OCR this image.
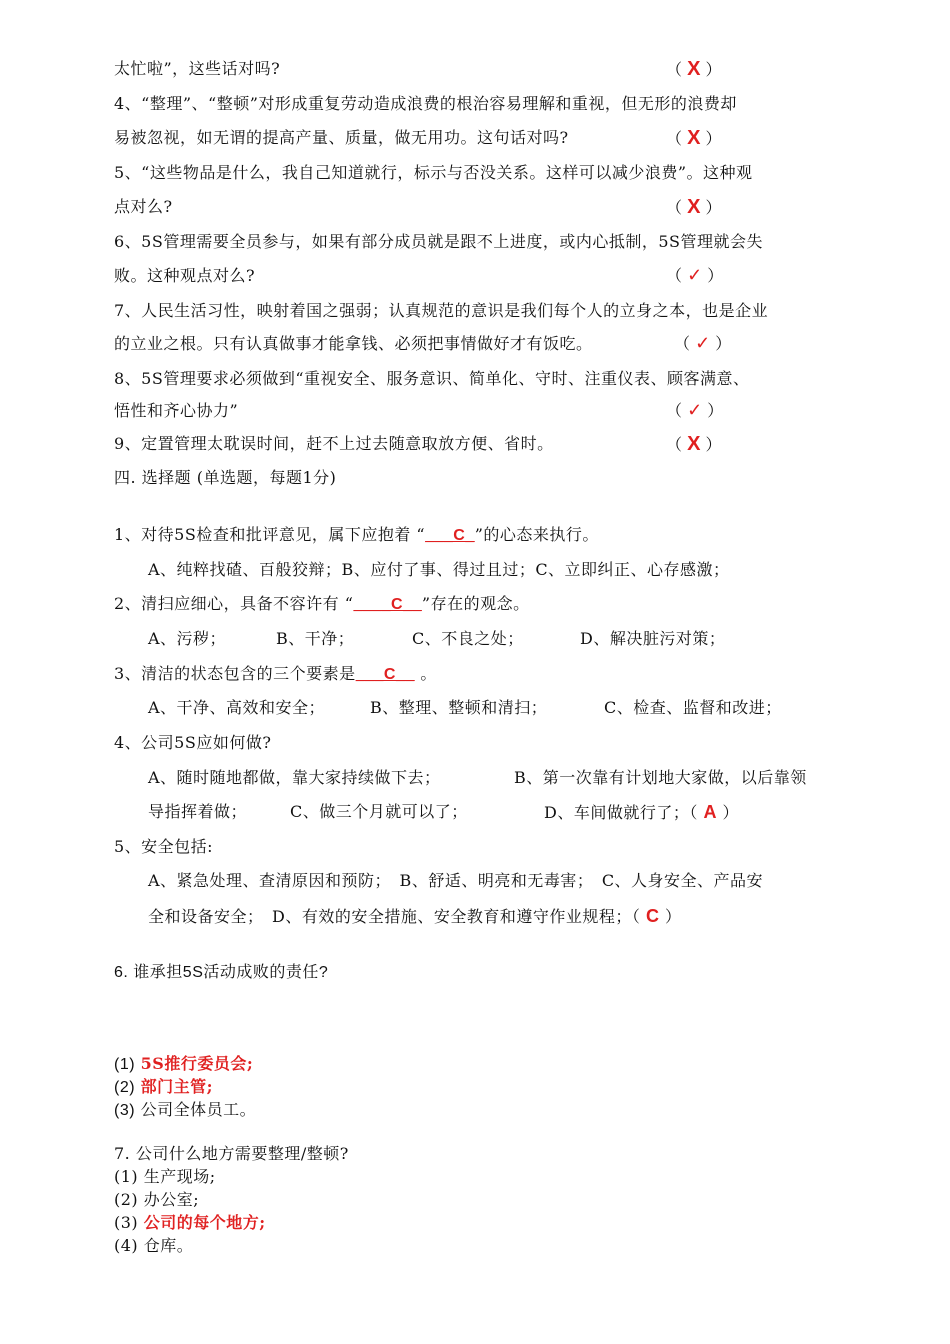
太忙啦”，这些话对吗?	（ X ）
4、“整理”、“整顿”对形成重复劳动造成浪费的根治容易理解和重视，但无形的浪费却
易被忽视，如无谓的提高产量、质量，做无用功。这句话对吗?	（ X ）
5、“这些物品是什么，我自己知道就行，标示与否没关系。这样可以减少浪费”。这种观
点对么?	（ X ）
6、5S管理需要全员参与，如果有部分成员就是跟不上进度，或内心抵制，5S管理就会失
败。这种观点对么?	（ ✓ ）
7、人民生活习性，映射着国之强弱；认真规范的意识是我们每个人的立身之本，也是企业
的立业之根。只有认真做事才能拿钱、必须把事情做好才有饭吃。	（ ✓ ）
8、5S管理要求必须做到“重视安全、服务意识、简单化、守时、注重仪表、顾客满意、
悟性和齐心协力”	（ ✓ ）
9、定置管理太耽误时间，赶不上过去随意取放方便、省时。	（ X ）
四. 选择题 (单选题，每题1分)
1、对待5S检查和批评意见，属下应抱着 “___C_”的心态来执行。
A、纯粹找碴、百般狡辩；B、应付了事、得过且过；C、立即纠正、心存感激；
2、清扫应细心，具备不容许有 “____C__”存在的观念。
A、污秽；	B、干净；	C、不良之处；	D、解决脏污对策；
3、清洁的状态包含的三个要素是___C__ 。
A、干净、高效和安全；	B、整理、整顿和清扫；	C、检查、监督和改进；
4、公司5S应如何做?
A、随时随地都做，靠大家持续做下去；	B、第一次靠有计划地大家做，以后靠领
导指挥着做；	C、做三个月就可以了；	D、车间做就行了；（ A ）
5、安全包括:
A、紧急处理、查清原因和预防；　B、舒适、明亮和无毒害；　C、人身安全、产品安
全和设备安全；　D、有效的安全措施、安全教育和遵守作业规程；（ C ）
6. 谁承担5S活动成败的责任?
(1) 5S推行委员会;
(2) 部门主管;
(3) 公司全体员工。
7. 公司什么地方需要整理/整顿?
(1) 生产现场;
(2) 办公室;
(3) 公司的每个地方;
(4) 仓库。
